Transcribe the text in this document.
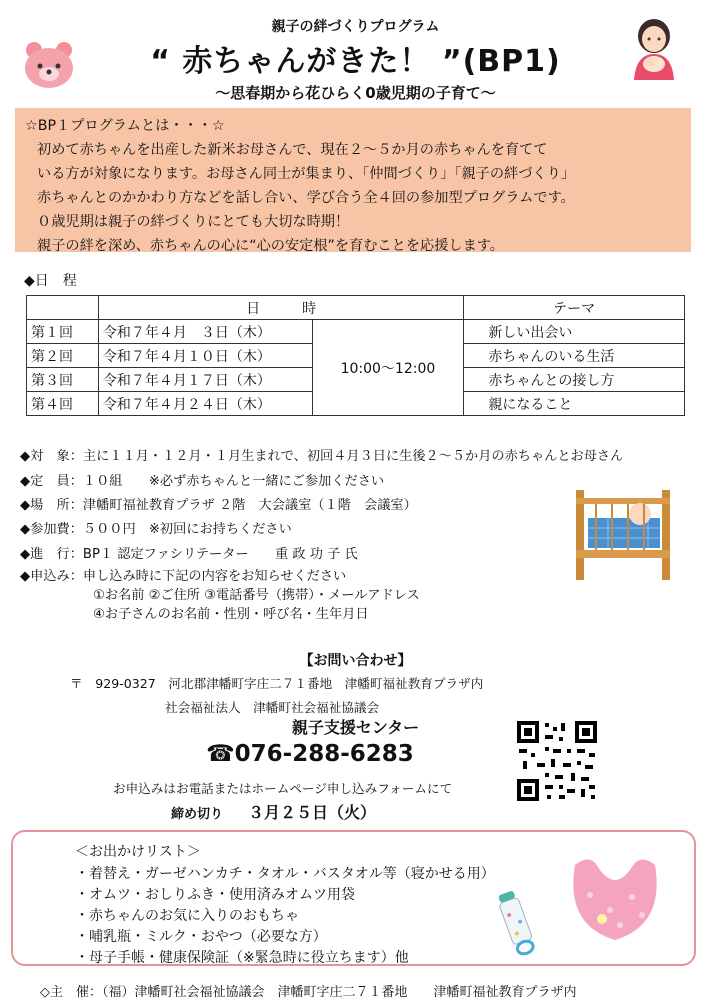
親子の絆づくりプログラム
“ 赤ちゃんがきた！ ”(BP1)
～思春期から花ひらく0歳児期の子育て～
☆BP１プログラムとは・・・☆
初めて赤ちゃんを出産した新米お母さんで、現在２～５か月の赤ちゃんを育てて
いる方が対象になります。お母さん同士が集まり、「仲間づくり」「親子の絆づくり」
赤ちゃんとのかかわり方などを話し合い、学び合う全４回の参加型プログラムです。
０歳児期は親子の絆づくりにとても大切な時期！
親子の絆を深め、赤ちゃんの心に“心の安定根”を育むことを応援します。
◆日　程
	日　　　時		テーマ
第１回	令和７年４月　３日（木）	10:00～12:00	新しい出会い
第２回	令和７年４月１０日（木）		赤ちゃんのいる生活
第３回	令和７年４月１７日（木）		赤ちゃんとの接し方
第４回	令和７年４月２４日（木）		親になること
◆対　象：主に１１月・１２月・１月生まれで、初回４月３日に生後２～５か月の赤ちゃんとお母さん
◆定　員：１０組　　※必ず赤ちゃんと一緒にご参加ください
◆場　所：津幡町福祉教育プラザ ２階　大会議室（１階　会議室）
◆参加費：５００円　※初回にお持ちください
◆進　行：BP１ 認定ファシリテーター　　重 政 功 子 氏
◆申込み：申し込み時に下記の内容をお知らせください
①お名前 ②ご住所 ③電話番号（携帯）・メールアドレス
④お子さんのお名前・性別・呼び名・生年月日
【お問い合わせ】
〒　929-0327　河北郡津幡町字庄二７１番地　津幡町福祉教育プラザ内
社会福祉法人　津幡町社会福祉協議会
親子支援センター
☎076-288-6283
お申込みはお電話またはホームページ申し込みフォームにて
締め切り ３月２５日（火）
＜お出かけリスト＞
・着替え・ガーゼハンカチ・タオル・バスタオル等（寝かせる用）
・オムツ・おしりふき・使用済みオムツ用袋
・赤ちゃんのお気に入りのおもちゃ
・哺乳瓶・ミルク・おやつ（必要な方）
・母子手帳・健康保険証（※緊急時に役立ちます）他
◇主　催：（福）津幡町社会福祉協議会　津幡町字庄二７１番地　　津幡町福祉教育プラザ内
